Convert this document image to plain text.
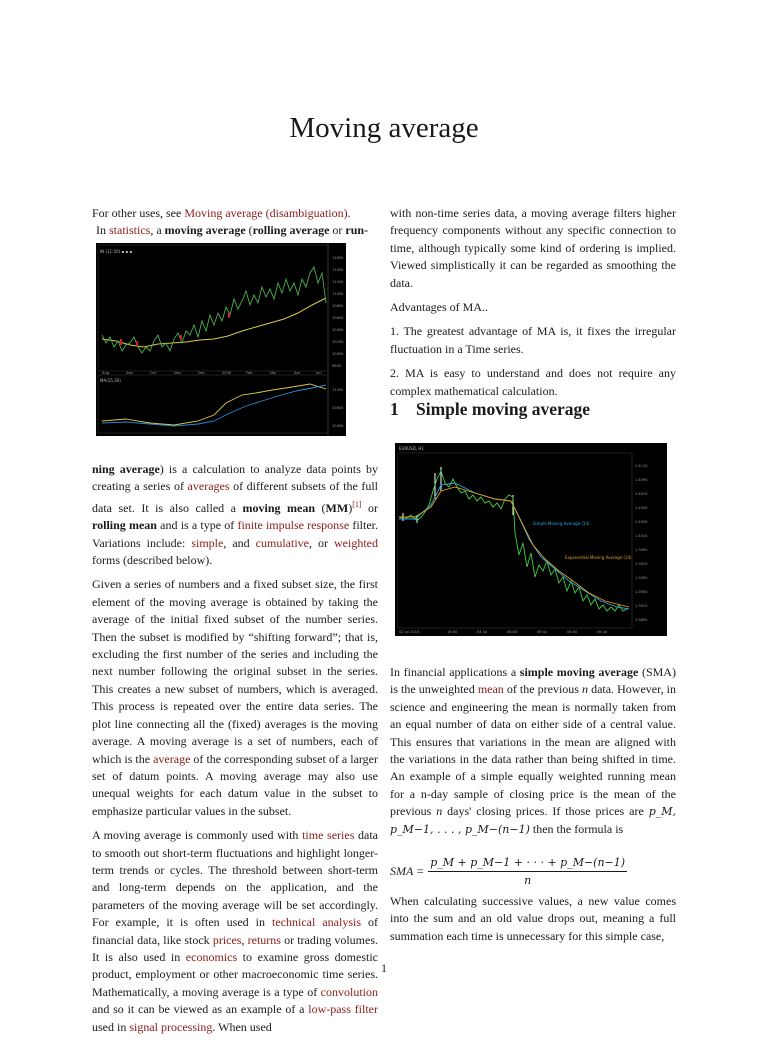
Moving average

For other uses, see Moving average (disambiguation).

In statistics, a moving average (rolling average or run-

IN (11:50) ▪ ▪ ▪
MA(15,30)
11600
11400
11200
11000
10800
10600
10400
10200
10000
9800
11200
10800
10400
Aug	Sep	Oct	Nov	Dec	2006	Feb	Mar	Apr	Jun

ning average) is a calculation to analyze data points by creating a series of averages of different subsets of the full data set. It is also called a moving mean (MM)[1] or rolling mean and is a type of finite impulse response filter. Variations include: simple, and cumulative, or weighted forms (described below).

Given a series of numbers and a fixed subset size, the first element of the moving average is obtained by taking the average of the initial fixed subset of the number series. Then the subset is modified by “shifting forward”; that is, excluding the first number of the series and including the next number following the original subset in the series. This creates a new subset of numbers, which is averaged. This process is repeated over the entire data series. The plot line connecting all the (fixed) averages is the moving average. A moving average is a set of numbers, each of which is the average of the corresponding subset of a larger set of datum points. A moving average may also use unequal weights for each datum value in the subset to emphasize particular values in the subset.

A moving average is commonly used with time series data to smooth out short-term fluctuations and highlight longer-term trends or cycles. The threshold between short-term and long-term depends on the application, and the parameters of the moving average will be set accordingly. For example, it is often used in technical analysis of financial data, like stock prices, returns or trading volumes. It is also used in economics to examine gross domestic product, employment or other macroeconomic time series. Mathematically, a moving average is a type of convolution and so it can be viewed as an example of a low-pass filter used in signal processing. When used

with non-time series data, a moving average filters higher frequency components without any specific connection to time, although typically some kind of ordering is implied. Viewed simplistically it can be regarded as smoothing the data.

Advantages of MA..

1. The greatest advantage of MA is, it fixes the irregular fluctuation in a Time series.

2. MA is easy to understand and does not require any complex mathematical calculation.

1 Simple moving average
EURUSD, H1
Simple Moving Average (14)
Exponential Moving Average (14)
1.4110
1.4090
1.4070
1.4050
1.4030
1.4010
1.3990
1.3970
1.3950
1.3930
1.3910
1.3890
02 Jul 2010	16:00	04 Jul	08:00	06 Jul	08:00	06 Jul

In financial applications a simple moving average (SMA) is the unweighted mean of the previous n data. However, in science and engineering the mean is normally taken from an equal number of data on either side of a central value. This ensures that variations in the mean are aligned with the variations in the data rather than being shifted in time. An example of a simple equally weighted running mean for a n-day sample of closing price is the mean of the previous n days' closing prices. If those prices are p_M, p_M−1, . . . , p_M−(n−1) then the formula is

SMA =	p_M + p_M−1 + · · · + p_M−(n−1)
n

When calculating successive values, a new value comes into the sum and an old value drops out, meaning a full summation each time is unnecessary for this simple case,

1
